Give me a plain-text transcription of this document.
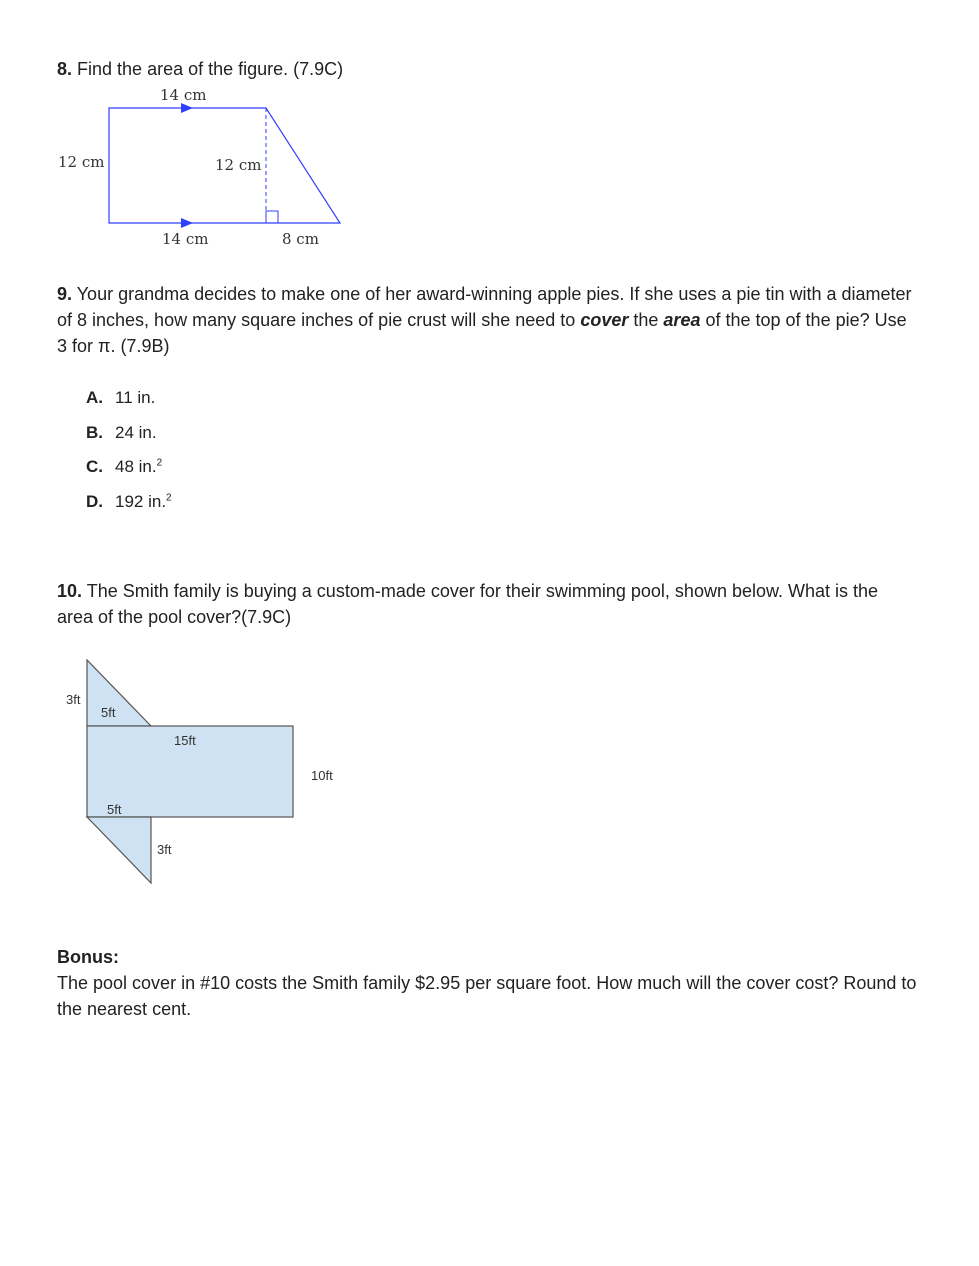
8. Find the area of the figure. (7.9C)
14 cm
12 cm	12 cm
14 cm	8 cm
9. Your grandma decides to make one of her award-winning apple pies. If she uses a pie tin with a diameter of 8 inches, how many square inches of pie crust will she need to cover the area of the top of the pie? Use 3 for π. (7.9B)
A. 11 in.
B. 24 in.
C. 48 in.$^2$
D. 192 in.$^2$
10. The Smith family is buying a custom-made cover for their swimming pool, shown below. What is the area of the pool cover?(7.9C)
3ft
5ft
15ft
10ft
5ft
3ft
Bonus:
The pool cover in #10 costs the Smith family $2.95 per square foot. How much will the cover cost? Round to the nearest cent.
